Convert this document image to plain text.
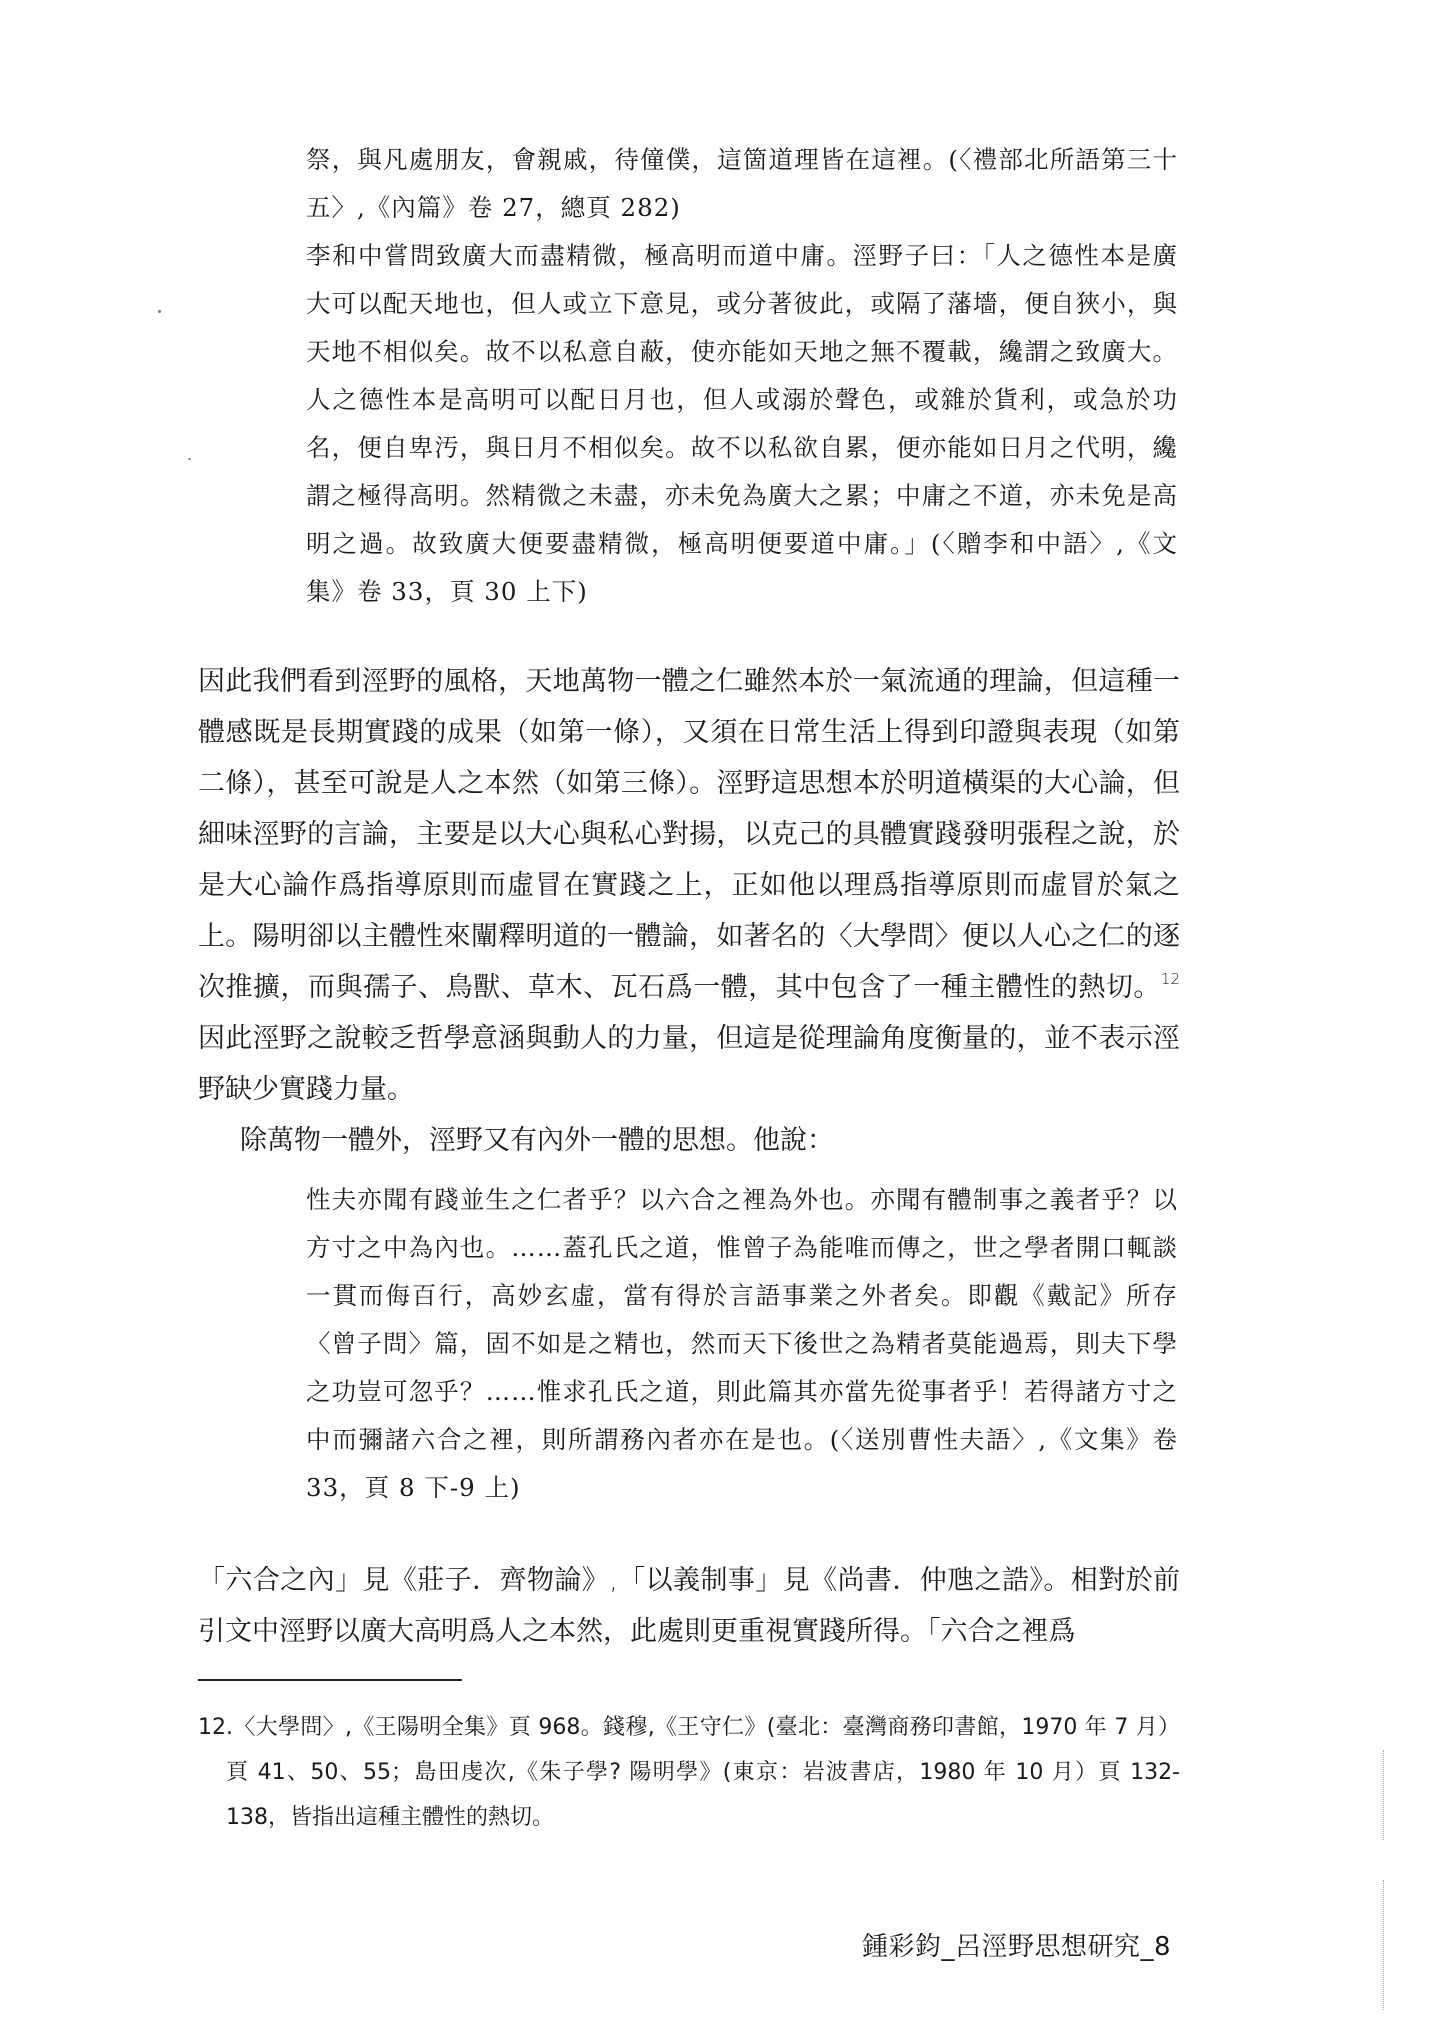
祭，與凡處朋友，會親戚，待僮僕，這箇道理皆在這裡。(〈禮部北所語第三十五〉,《內篇》卷 27，總頁 282)

李和中嘗問致廣大而盡精微，極高明而道中庸。涇野子曰：「人之德性本是廣大可以配天地也，但人或立下意見，或分著彼此，或隔了藩墻，便自狹小，與天地不相似矣。故不以私意自蔽，使亦能如天地之無不覆載，纔謂之致廣大。人之德性本是高明可以配日月也，但人或溺於聲色，或雜於貨利，或急於功名，便自卑汚，與日月不相似矣。故不以私欲自累，便亦能如日月之代明，纔謂之極得高明。然精微之未盡，亦未免為廣大之累；中庸之不道，亦未免是高明之過。故致廣大便要盡精微，極高明便要道中庸。」(〈贈李和中語〉,《文集》卷 33，頁 30 上下)

因此我們看到涇野的風格，天地萬物一體之仁雖然本於一氣流通的理論，但這種一體感既是長期實踐的成果（如第一條），又須在日常生活上得到印證與表現（如第二條），甚至可說是人之本然（如第三條）。涇野這思想本於明道橫渠的大心論，但細味涇野的言論，主要是以大心與私心對揚，以克己的具體實踐發明張程之說，於是大心論作爲指導原則而虛冒在實踐之上，正如他以理爲指導原則而虛冒於氣之上。陽明卻以主體性來闡釋明道的一體論，如著名的〈大學問〉便以人心之仁的逐次推擴，而與孺子、鳥獸、草木、瓦石爲一體，其中包含了一種主體性的熱切。$^{12}$ 因此涇野之說較乏哲學意涵與動人的力量，但這是從理論角度衡量的，並不表示涇野缺少實踐力量。

除萬物一體外，涇野又有內外一體的思想。他說：

性夫亦聞有踐並生之仁者乎？以六合之裡為外也。亦聞有體制事之義者乎？以方寸之中為內也。……蓋孔氏之道，惟曾子為能唯而傳之，世之學者開口輒談一貫而侮百行，高妙玄虛，當有得於言語事業之外者矣。即觀《戴記》所存〈曾子問〉篇，固不如是之精也，然而天下後世之為精者莫能過焉，則夫下學之功豈可忽乎？……惟求孔氏之道，則此篇其亦當先從事者乎！若得諸方寸之中而彌諸六合之裡，則所謂務內者亦在是也。(〈送別曹性夫語〉,《文集》卷 33，頁 8 下-9 上)

「六合之內」見《莊子．齊物論》,「以義制事」見《尚書．仲虺之誥》。相對於前引文中涇野以廣大高明爲人之本然，此處則更重視實踐所得。「六合之裡爲

12.〈大學問〉,《王陽明全集》頁 968。錢穆,《王守仁》(臺北：臺灣商務印書館，1970 年 7 月）頁 41、50、55；島田虔次,《朱子學? 陽明學》(東京：岩波書店，1980 年 10 月）頁 132-138，皆指出這種主體性的熱切。

鍾彩鈞_呂涇野思想研究_8
